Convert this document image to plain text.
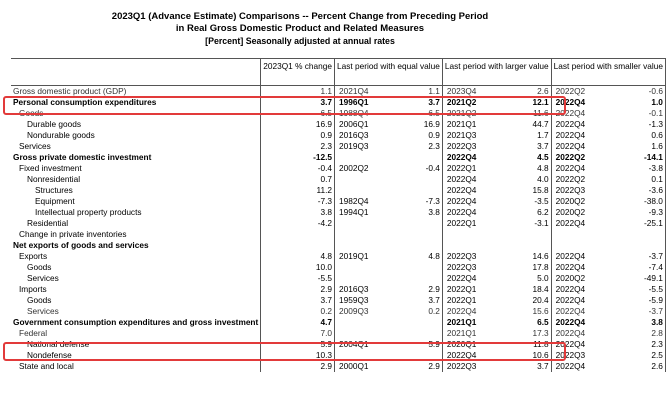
2023Q1 (Advance Estimate) Comparisons -- Percent Change from Preceding Period
in Real Gross Domestic Product and Related Measures
[Percent] Seasonally adjusted at annual rates
	2023Q1 % change	Last period with equal value		Last period with larger value		Last period with smaller value	
Gross domestic product (GDP)	1.1	2021Q4	1.1	2023Q4	2.6	2022Q2	-0.6
Personal consumption expenditures	3.7	1996Q1	3.7	2021Q2	12.1	2022Q4	1.0
Goods	6.5	1988Q4	6.5	2021Q2	11.6	2022Q4	-0.1
Durable goods	16.9	2006Q1	16.9	2021Q1	44.7	2022Q4	-1.3
Nondurable goods	0.9	2016Q3	0.9	2021Q3	1.7	2022Q4	0.6
Services	2.3	2019Q3	2.3	2022Q3	3.7	2022Q4	1.6
Gross private domestic investment	-12.5			2022Q4	4.5	2022Q2	-14.1
Fixed investment	-0.4	2002Q2	-0.4	2022Q1	4.8	2022Q4	-3.8
Nonresidential	0.7			2022Q4	4.0	2022Q2	0.1
Structures	11.2			2022Q4	15.8	2022Q3	-3.6
Equipment	-7.3	1982Q4	-7.3	2022Q4	-3.5	2020Q2	-38.0
Intellectual property products	3.8	1994Q1	3.8	2022Q4	6.2	2020Q2	-9.3
Residential	-4.2			2022Q1	-3.1	2022Q4	-25.1
Change in private inventories							
Net exports of goods and services							
Exports	4.8	2019Q1	4.8	2022Q3	14.6	2022Q4	-3.7
Goods	10.0			2022Q3	17.8	2022Q4	-7.4
Services	-5.5			2022Q4	5.0	2020Q2	-49.1
Imports	2.9	2016Q3	2.9	2022Q1	18.4	2022Q4	-5.5
Goods	3.7	1959Q3	3.7	2022Q1	20.4	2022Q4	-5.9
Services	0.2	2009Q3	0.2	2022Q4	15.6	2022Q4	-3.7
Government consumption expenditures and gross investment	4.7			2021Q1	6.5	2022Q4	3.8
Federal	7.0			2021Q1	17.3	2022Q4	2.8
National defense	5.9	2004Q1	5.9	2020Q1	11.8	2022Q4	2.3
Nondefense	10.3			2022Q4	10.6	2022Q3	2.5
State and local	2.9	2000Q1	2.9	2022Q3	3.7	2022Q4	2.6
